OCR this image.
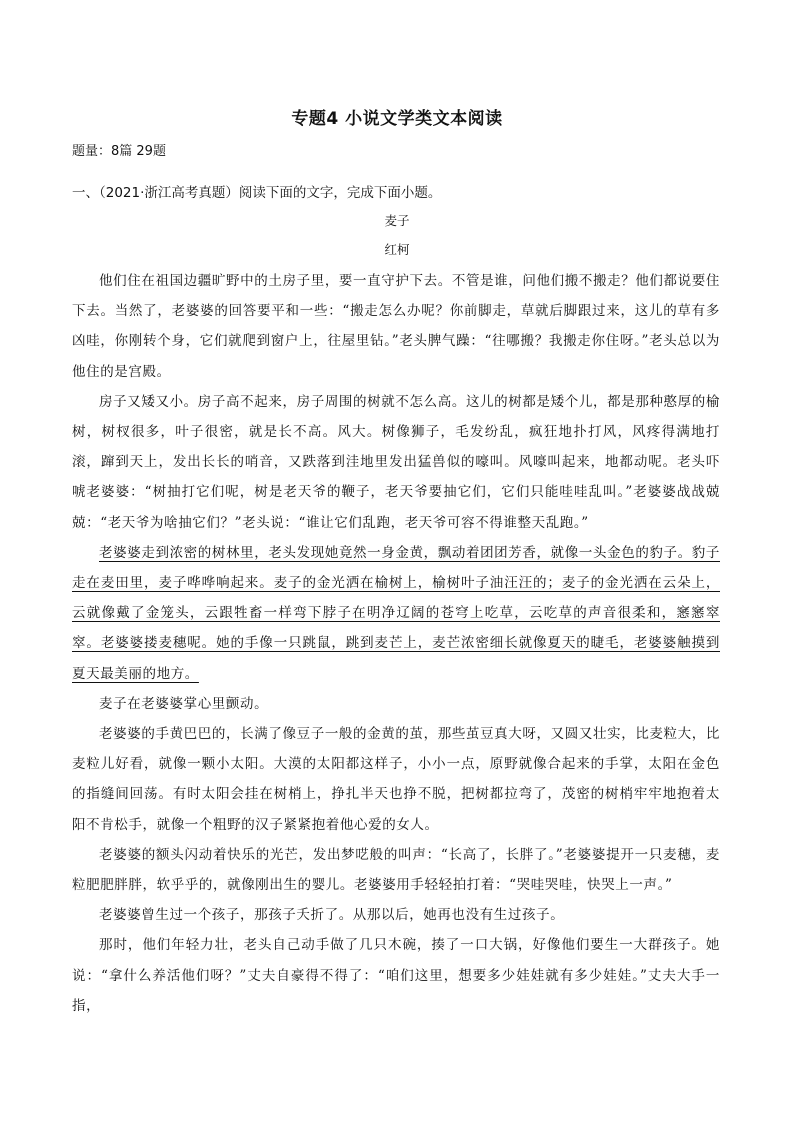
专题4 小说文学类文本阅读
题量：8篇 29题
一、（2021·浙江高考真题）阅读下面的文字，完成下面小题。
麦子
红柯

他们住在祖国边疆旷野中的土房子里，要一直守护下去。不管是谁，问他们搬不搬走？他们都说要住下去。当然了，老婆婆的回答要平和一些：“搬走怎么办呢？你前脚走，草就后脚跟过来，这儿的草有多凶哇，你刚转个身，它们就爬到窗户上，往屋里钻。”老头脾气躁：“往哪搬？我搬走你住呀。”老头总以为他住的是宫殿。

房子又矮又小。房子高不起来，房子周围的树就不怎么高。这儿的树都是矮个儿，都是那种憨厚的榆树，树杈很多，叶子很密，就是长不高。风大。树像狮子，毛发纷乱，疯狂地扑打风，风疼得满地打滚，蹿到天上，发出长长的哨音，又跌落到洼地里发出猛兽似的嚎叫。风嚎叫起来，地都动呢。老头吓唬老婆婆：“树抽打它们呢，树是老天爷的鞭子，老天爷要抽它们，它们只能哇哇乱叫。”老婆婆战战兢兢：“老天爷为啥抽它们？”老头说：“谁让它们乱跑，老天爷可容不得谁整天乱跑。”

老婆婆走到浓密的树林里，老头发现她竟然一身金黄，飘动着团团芳香，就像一头金色的豹子。豹子走在麦田里，麦子哗哗响起来。麦子的金光洒在榆树上，榆树叶子油汪汪的；麦子的金光洒在云朵上，云就像戴了金笼头，云跟牲畜一样弯下脖子在明净辽阔的苍穹上吃草，云吃草的声音很柔和，窸窸窣窣。老婆婆搂麦穗呢。她的手像一只跳鼠，跳到麦芒上，麦芒浓密细长就像夏天的睫毛，老婆婆触摸到夏天最美丽的地方。

麦子在老婆婆掌心里颤动。

老婆婆的手黄巴巴的，长满了像豆子一般的金黄的茧，那些茧豆真大呀，又圆又壮实，比麦粒大，比麦粒儿好看，就像一颗小太阳。大漠的太阳都这样子，小小一点，原野就像合起来的手掌，太阳在金色的指缝间回荡。有时太阳会挂在树梢上，挣扎半天也挣不脱，把树都拉弯了，茂密的树梢牢牢地抱着太阳不肯松手，就像一个粗野的汉子紧紧抱着他心爱的女人。

老婆婆的额头闪动着快乐的光芒，发出梦呓般的叫声：“长高了，长胖了。”老婆婆提开一只麦穗，麦粒肥肥胖胖，软乎乎的，就像刚出生的婴儿。老婆婆用手轻轻拍打着：“哭哇哭哇，快哭上一声。”

老婆婆曾生过一个孩子，那孩子夭折了。从那以后，她再也没有生过孩子。

那时，他们年轻力壮，老头自己动手做了几只木碗，揍了一口大锅，好像他们要生一大群孩子。她说：“拿什么养活他们呀？”丈夫自豪得不得了：“咱们这里，想要多少娃娃就有多少娃娃。”丈夫大手一指，
